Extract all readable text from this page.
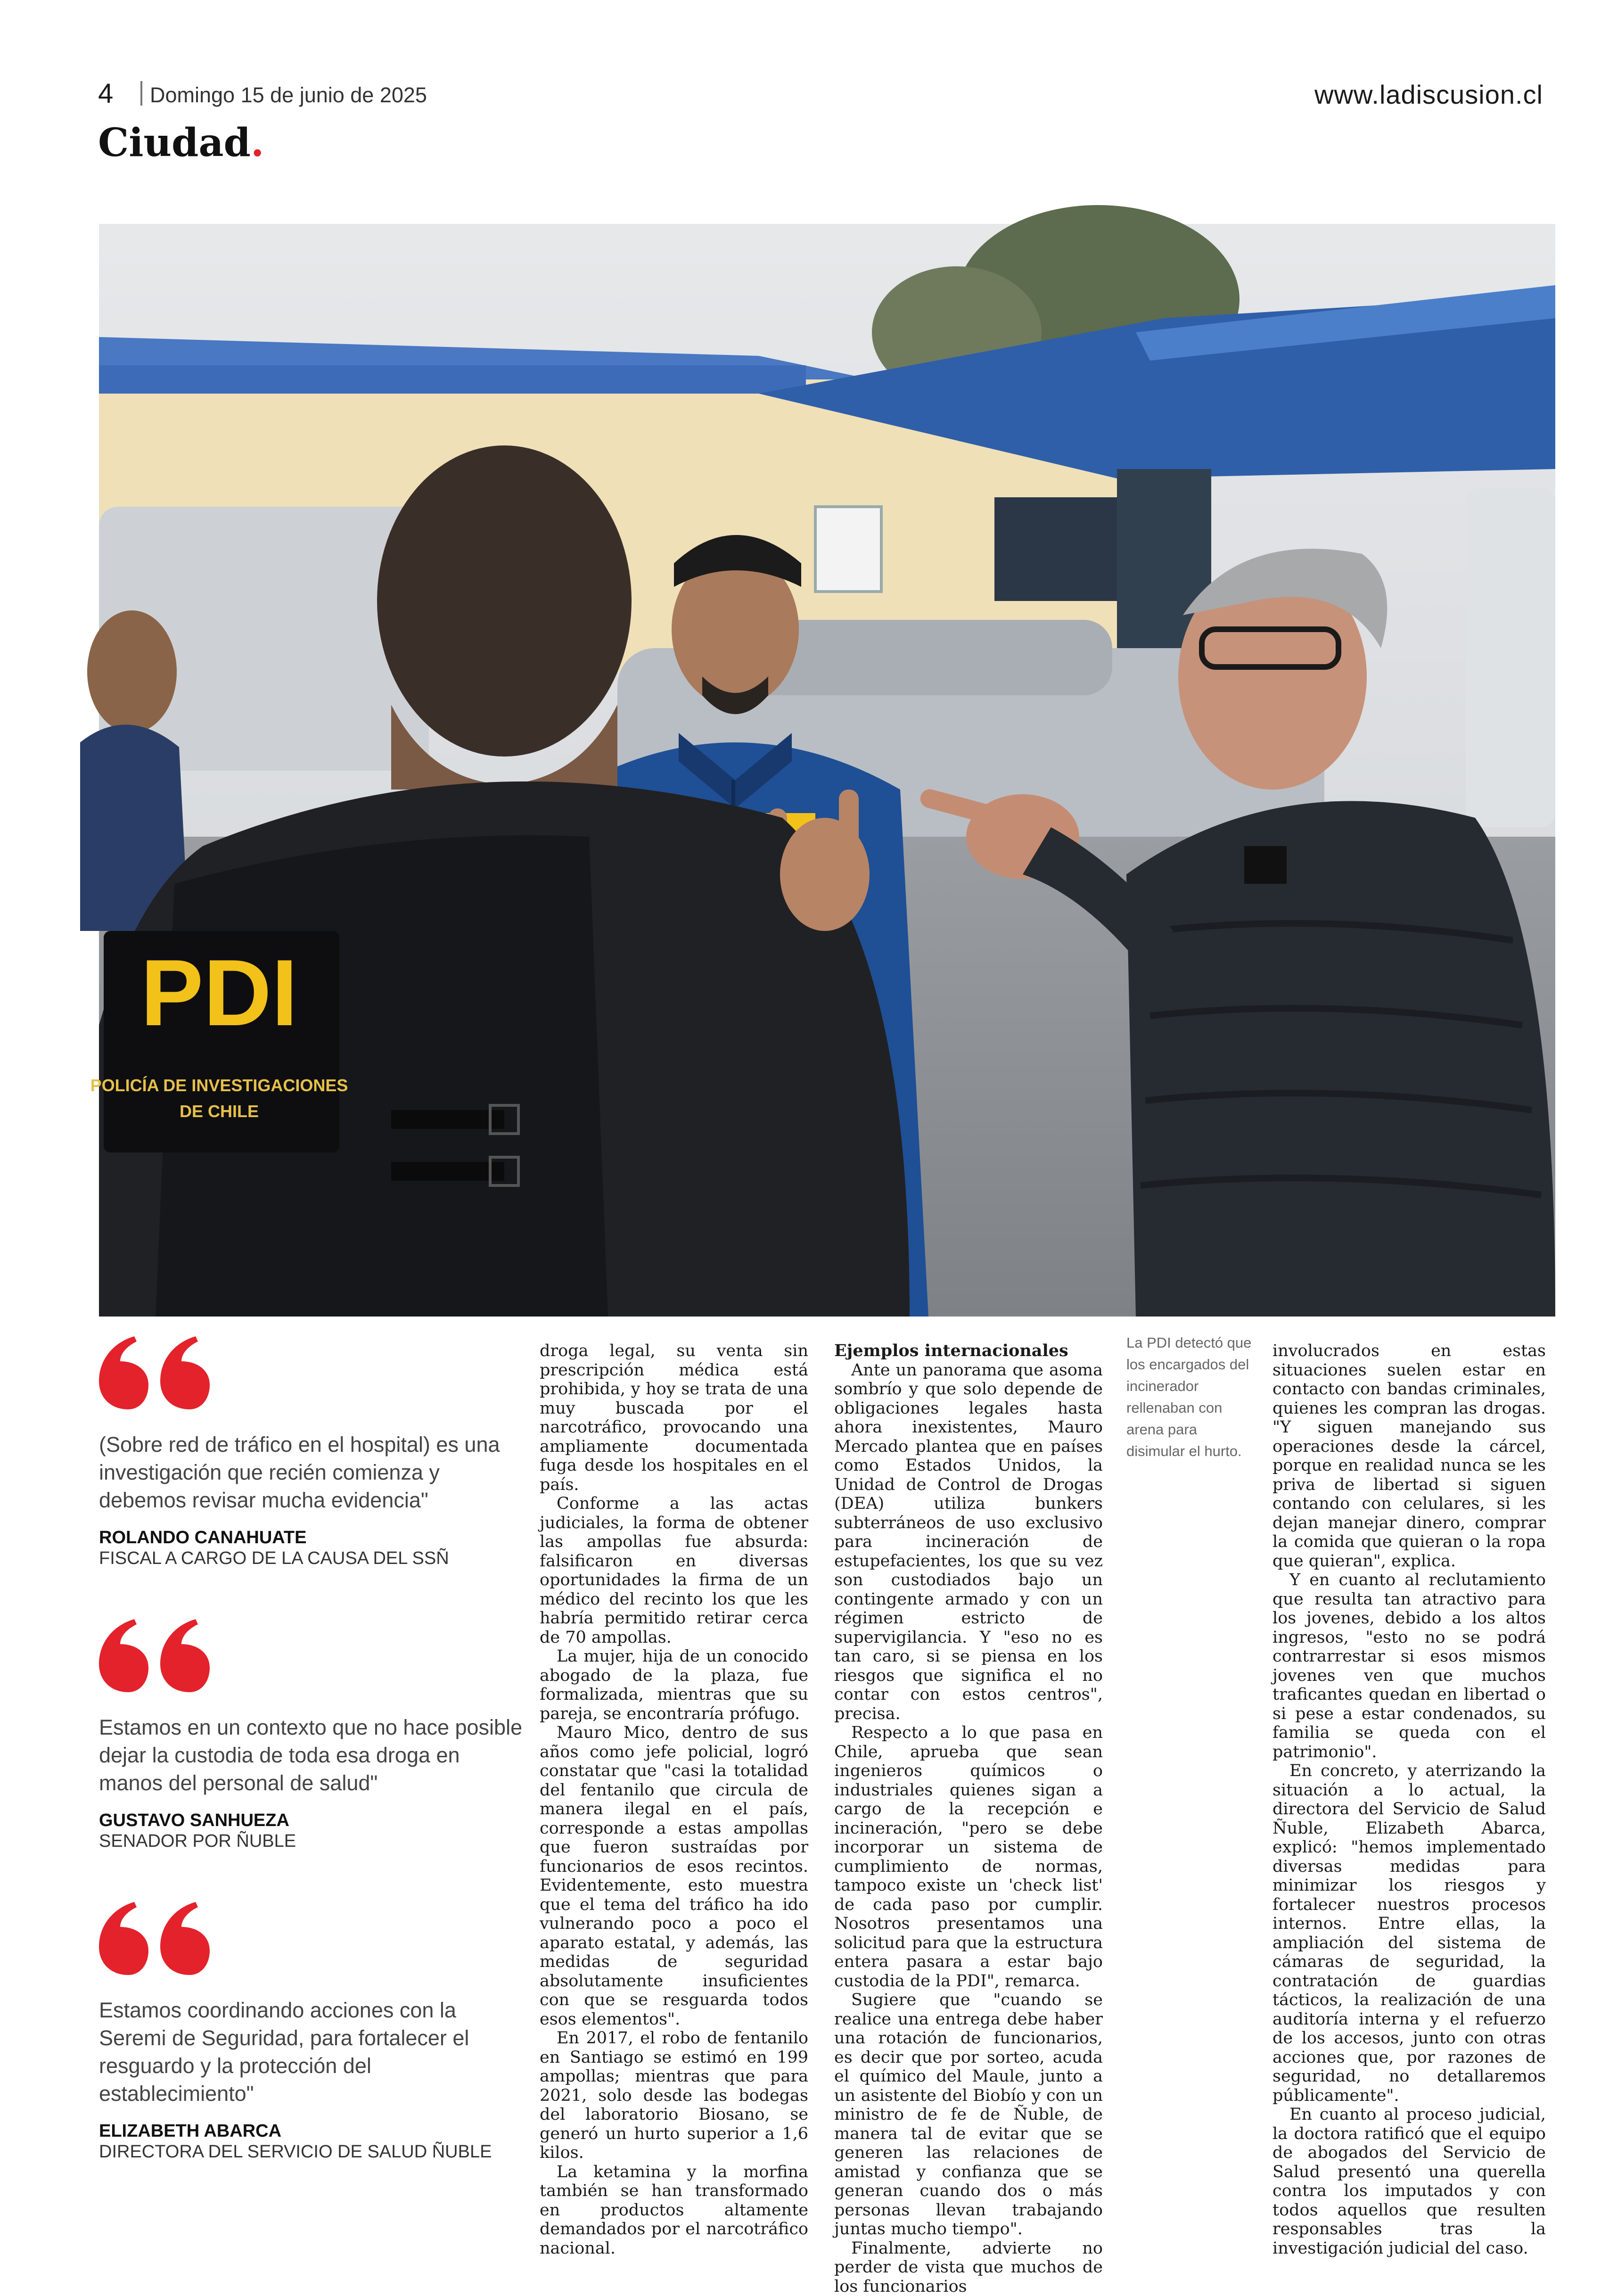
4 Domingo 15 de junio de 2025	www.ladiscusion.cl
Ciudad.
PDI
POLICÍA DE INVESTIGACIONES
DE CHILE
(Sobre red de tráfico en el hospital) es una investigación que recién comienza y debemos revisar mucha evidencia"
ROLANDO CANAHUATE
FISCAL A CARGO DE LA CAUSA DEL SSÑ
Estamos en un contexto que no hace posible dejar la custodia de toda esa droga en manos del personal de salud"
GUSTAVO SANHUEZA
SENADOR POR ÑUBLE
Estamos coordinando acciones con la Seremi de Seguridad, para fortalecer el resguardo y la protección del establecimiento"
ELIZABETH ABARCA
DIRECTORA DEL SERVICIO DE SALUD ÑUBLE

droga legal, su venta sin prescripción médica está prohibida, y hoy se trata de una muy buscada por el narcotráfico, provocando una ampliamente documentada fuga desde los hospitales en el país.

Conforme a las actas judiciales, la forma de obtener las ampollas fue absurda: falsificaron en diversas oportunidades la firma de un médico del recinto los que les habría permitido retirar cerca de 70 ampollas.

La mujer, hija de un conocido abogado de la plaza, fue formalizada, mientras que su pareja, se encontraría prófugo.

Mauro Mico, dentro de sus años como jefe policial, logró constatar que "casi la totalidad del fentanilo que circula de manera ilegal en el país, corresponde a estas ampollas que fueron sustraídas por funcionarios de esos recintos. Evidentemente, esto muestra que el tema del tráfico ha ido vulnerando poco a poco el aparato estatal, y además, las medidas de seguridad absolutamente insuficientes con que se resguarda todos esos elementos".

En 2017, el robo de fentanilo en Santiago se estimó en 199 ampollas; mientras que para 2021, solo desde las bodegas del laboratorio Biosano, se generó un hurto superior a 1,6 kilos.

La ketamina y la morfina también se han transformado en productos altamente demandados por el narcotráfico nacional.

Ejemplos internacionales

Ante un panorama que asoma sombrío y que solo depende de obligaciones legales hasta ahora inexistentes, Mauro Mercado plantea que en países como Estados Unidos, la Unidad de Control de Drogas (DEA) utiliza bunkers subterráneos de uso exclusivo para incineración de estupefacientes, los que su vez son custodiados bajo un contingente armado y con un régimen estricto de supervigilancia. Y "eso no es tan caro, si se piensa en los riesgos que significa el no contar con estos centros", precisa.

Respecto a lo que pasa en Chile, aprueba que sean ingenieros químicos o industriales quienes sigan a cargo de la recepción e incineración, "pero se debe incorporar un sistema de cumplimiento de normas, tampoco existe un 'check list' de cada paso por cumplir. Nosotros presentamos una solicitud para que la estructura entera pasara a estar bajo custodia de la PDI", remarca.

Sugiere que "cuando se realice una entrega debe haber una rotación de funcionarios, es decir que por sorteo, acuda el químico del Maule, junto a un asistente del Biobío y con un ministro de fe de Ñuble, de manera tal de evitar que se generen las relaciones de amistad y confianza que se generan cuando dos o más personas llevan trabajando juntas mucho tiempo".

Finalmente, advierte no perder de vista que muchos de los funcionarios

La PDI detectó que los encargados del incinerador rellenaban con arena para disimular el hurto.

involucrados en estas situaciones suelen estar en contacto con bandas criminales, quienes les compran las drogas. "Y siguen manejando sus operaciones desde la cárcel, porque en realidad nunca se les priva de libertad si siguen contando con celulares, si les dejan manejar dinero, comprar la comida que quieran o la ropa que quieran", explica.

Y en cuanto al reclutamiento que resulta tan atractivo para los jovenes, debido a los altos ingresos, "esto no se podrá contrarrestar si esos mismos jovenes ven que muchos traficantes quedan en libertad o si pese a estar condenados, su familia se queda con el patrimonio".

En concreto, y aterrizando la situación a lo actual, la directora del Servicio de Salud Ñuble, Elizabeth Abarca, explicó: "hemos implementado diversas medidas para minimizar los riesgos y fortalecer nuestros procesos internos. Entre ellas, la ampliación del sistema de cámaras de seguridad, la contratación de guardias tácticos, la realización de una auditoría interna y el refuerzo de los accesos, junto con otras acciones que, por razones de seguridad, no detallaremos públicamente".

En cuanto al proceso judicial, la doctora ratificó que el equipo de abogados del Servicio de Salud presentó una querella contra los imputados y con todos aquellos que resulten responsables tras la investigación judicial del caso.
